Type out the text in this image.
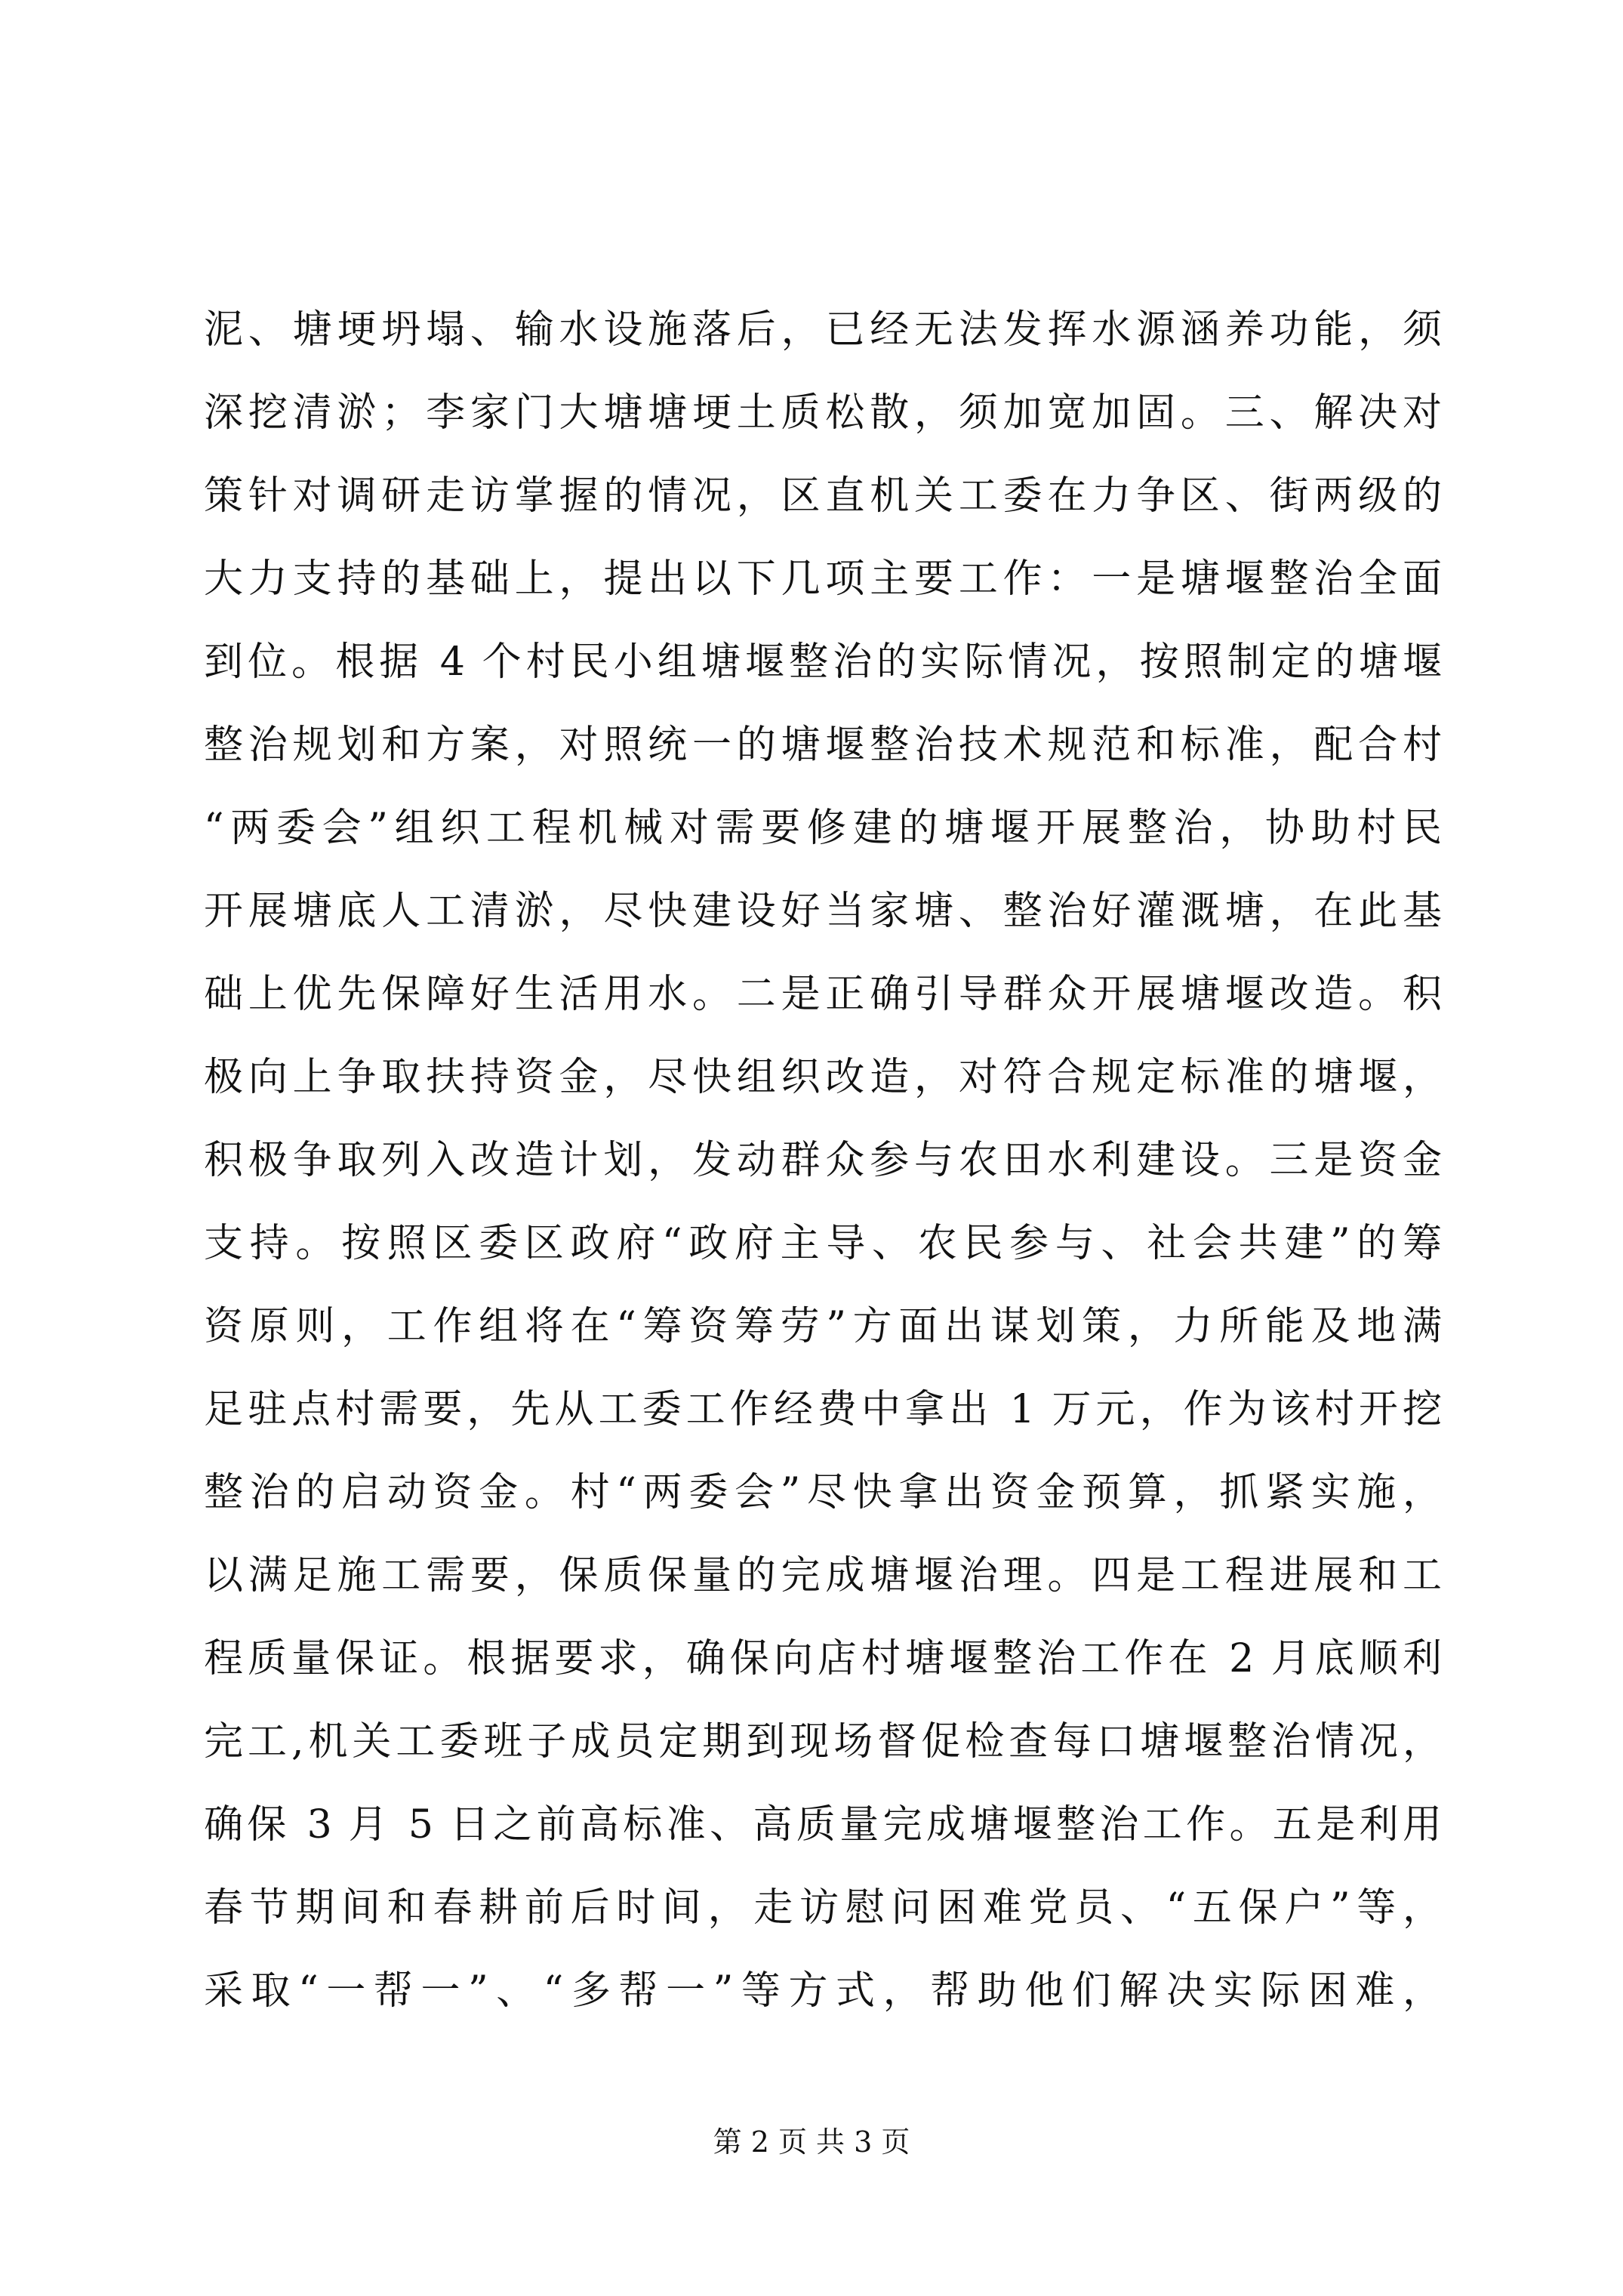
泥、塘埂坍塌、输水设施落后，已经无法发挥水源涵养功能，须
深挖清淤；李家门大塘塘埂土质松散，须加宽加固。三、解决对
策针对调研走访掌握的情况，区直机关工委在力争区、街两级的
大力支持的基础上，提出以下几项主要工作：一是塘堰整治全面
到位。根据 4 个村民小组塘堰整治的实际情况，按照制定的塘堰
整治规划和方案，对照统一的塘堰整治技术规范和标准，配合村
“两委会”组织工程机械对需要修建的塘堰开展整治，协助村民
开展塘底人工清淤，尽快建设好当家塘、整治好灌溉塘，在此基
础上优先保障好生活用水。二是正确引导群众开展塘堰改造。积
极向上争取扶持资金，尽快组织改造，对符合规定标准的塘堰，
积极争取列入改造计划，发动群众参与农田水利建设。三是资金
支持。按照区委区政府“政府主导、农民参与、社会共建”的筹
资原则，工作组将在“筹资筹劳”方面出谋划策，力所能及地满
足驻点村需要，先从工委工作经费中拿出 1 万元，作为该村开挖
整治的启动资金。村“两委会”尽快拿出资金预算，抓紧实施，
以满足施工需要，保质保量的完成塘堰治理。四是工程进展和工
程质量保证。根据要求，确保向店村塘堰整治工作在 2 月底顺利
完工,机关工委班子成员定期到现场督促检查每口塘堰整治情况，
确保 3 月 5 日之前高标准、高质量完成塘堰整治工作。五是利用
春节期间和春耕前后时间，走访慰问困难党员、“五保户”等，
采取“一帮一”、“多帮一”等方式，帮助他们解决实际困难，
第 2 页 共 3 页
